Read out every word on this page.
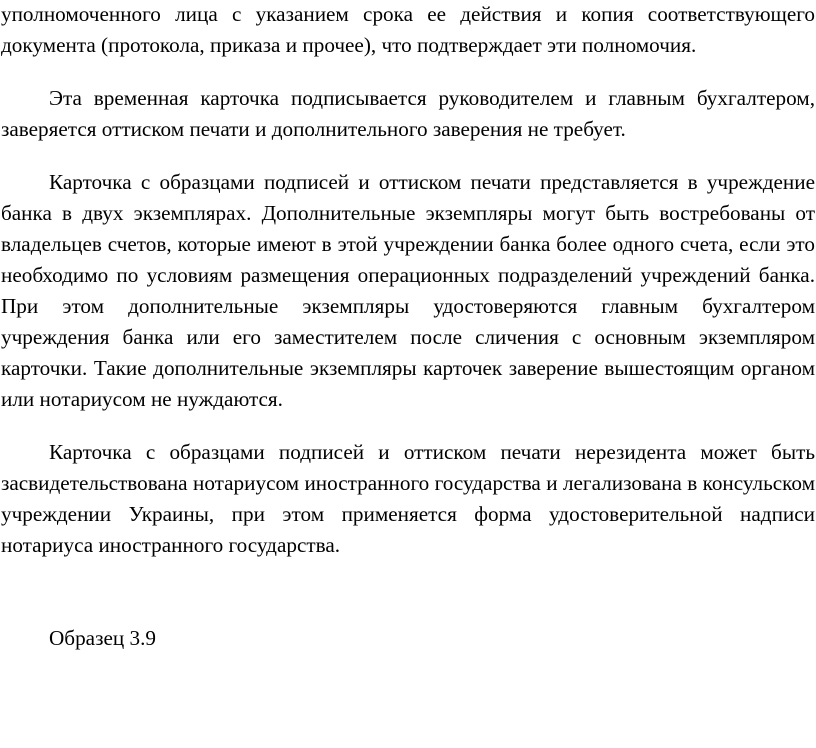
уполномоченного лица с указанием срока ее действия и копия соответствующего документа (протокола, приказа и прочее), что подтверждает эти полномочия.

Эта временная карточка подписывается руководителем и главным бухгалтером, заверяется оттиском печати и дополнительного заверения не требует.

Карточка с образцами подписей и оттиском печати представляется в учреждение банка в двух экземплярах. Дополнительные экземпляры могут быть востребованы от владельцев счетов, которые имеют в этой учреждении банка более одного счета, если это необходимо по условиям размещения операционных подразделений учреждений банка. При этом дополнительные экземпляры удостоверяются главным бухгалтером учреждения банка или его заместителем после сличения с основным экземпляром карточки. Такие дополнительные экземпляры карточек заверение вышестоящим органом или нотариусом не нуждаются.

Карточка с образцами подписей и оттиском печати нерезидента может быть засвидетельствована нотариусом иностранного государства и легализована в консульском учреждении Украины, при этом применяется форма удостоверительной надписи нотариуса иностранного государства.

Образец 3.9
